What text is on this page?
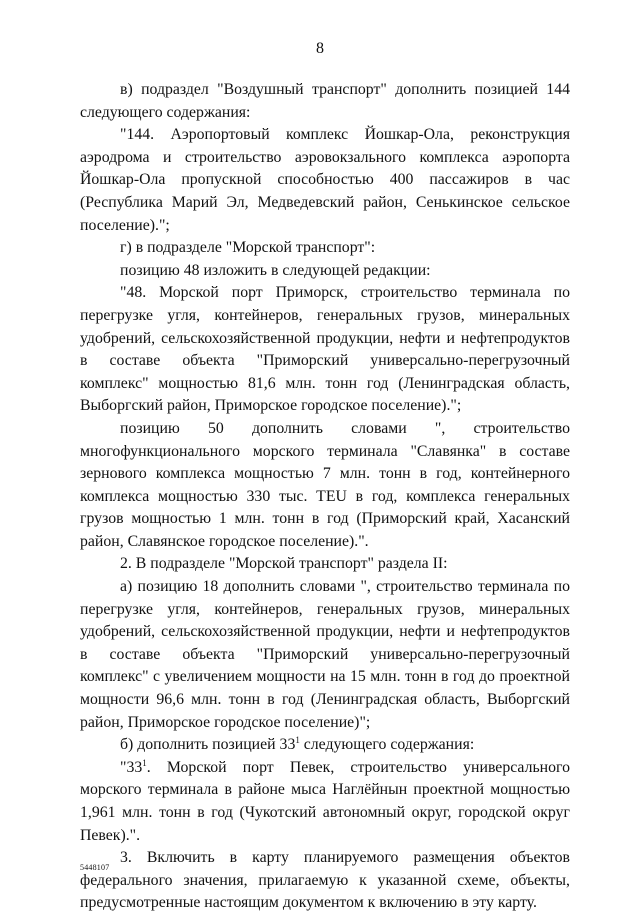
8

в) подраздел "Воздушный транспорт" дополнить позицией 144 следующего содержания:

"144. Аэропортовый комплекс Йошкар-Ола, реконструкция аэродрома и строительство аэровокзального комплекса аэропорта Йошкар-Ола пропускной способностью 400 пассажиров в час (Республика Марий Эл, Медведевский район, Сенькинское сельское поселение).";

г) в подразделе "Морской транспорт":

позицию 48 изложить в следующей редакции:

"48. Морской порт Приморск, строительство терминала по перегрузке угля, контейнеров, генеральных грузов, минеральных удобрений, сельскохозяйственной продукции, нефти и нефтепродуктов в составе объекта "Приморский универсально-перегрузочный комплекс" мощностью 81,6 млн. тонн год (Ленинградская область, Выборгский район, Приморское городское поселение).";

позицию 50 дополнить словами ", строительство многофункционального морского терминала "Славянка" в составе зернового комплекса мощностью 7 млн. тонн в год, контейнерного комплекса мощностью 330 тыс. TEU в год, комплекса генеральных грузов мощностью 1 млн. тонн в год (Приморский край, Хасанский район, Славянское городское поселение).".

2. В подразделе "Морской транспорт" раздела II:

а) позицию 18 дополнить словами ", строительство терминала по перегрузке угля, контейнеров, генеральных грузов, минеральных удобрений, сельскохозяйственной продукции, нефти и нефтепродуктов в составе объекта "Приморский универсально-перегрузочный комплекс" с увеличением мощности на 15 млн. тонн в год до проектной мощности 96,6 млн. тонн в год (Ленинградская область, Выборгский район, Приморское городское поселение)";

б) дополнить позицией $33^1$ следующего содержания:

"$33^1$. Морской порт Певек, строительство универсального морского терминала в районе мыса Наглёйнын проектной мощностью 1,961 млн. тонн в год (Чукотский автономный округ, городской округ Певек).".

3. Включить в карту планируемого размещения объектов федерального значения, прилагаемую к указанной схеме, объекты, предусмотренные настоящим документом к включению в эту карту.

5448107
